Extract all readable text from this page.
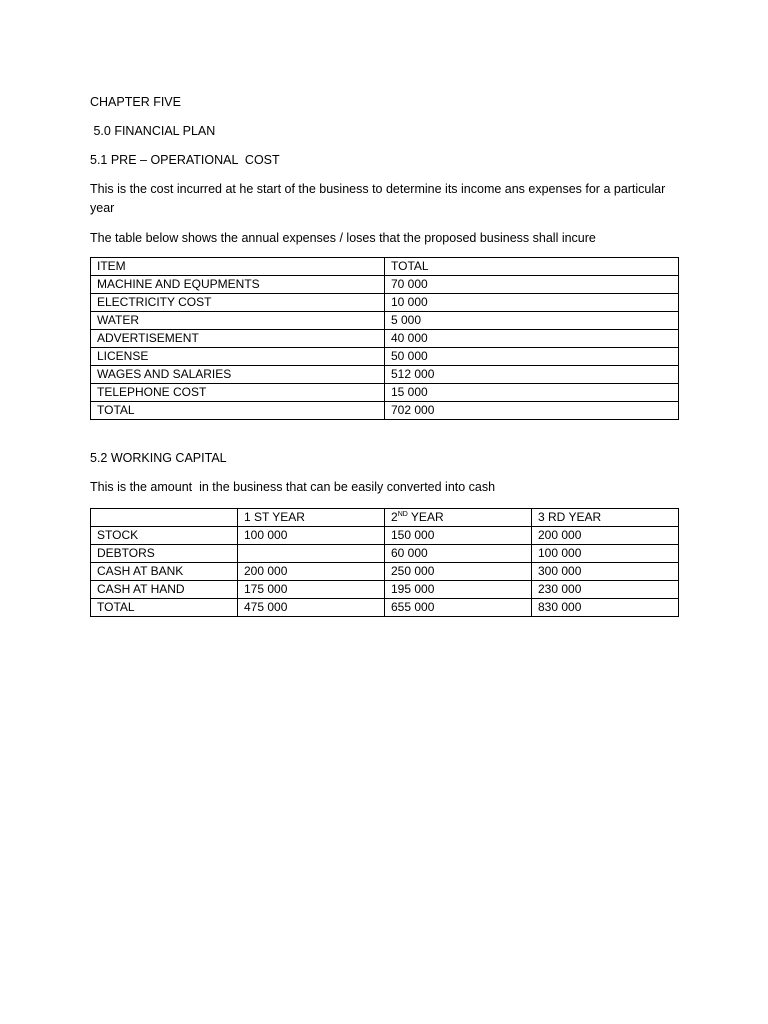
CHAPTER FIVE
5.0 FINANCIAL PLAN
5.1 PRE – OPERATIONAL  COST
This is the cost incurred at he start of the business to determine its income ans expenses for a particular year
The table below shows the annual expenses / loses that the proposed business shall incure
ITEM	TOTAL
MACHINE AND EQUPMENTS	70 000
ELECTRICITY COST	10 000
WATER	5 000
ADVERTISEMENT	40 000
LICENSE	50 000
WAGES AND SALARIES	512 000
TELEPHONE COST	15 000
TOTAL	702 000
5.2 WORKING CAPITAL
This is the amount  in the business that can be easily converted into cash
	1 ST YEAR	2ND YEAR	3 RD YEAR
STOCK	100 000	150 000	200 000
DEBTORS		60 000	100 000
CASH AT BANK	200 000	250 000	300 000
CASH AT HAND	175 000	195 000	230 000
TOTAL	475 000	655 000	830 000
